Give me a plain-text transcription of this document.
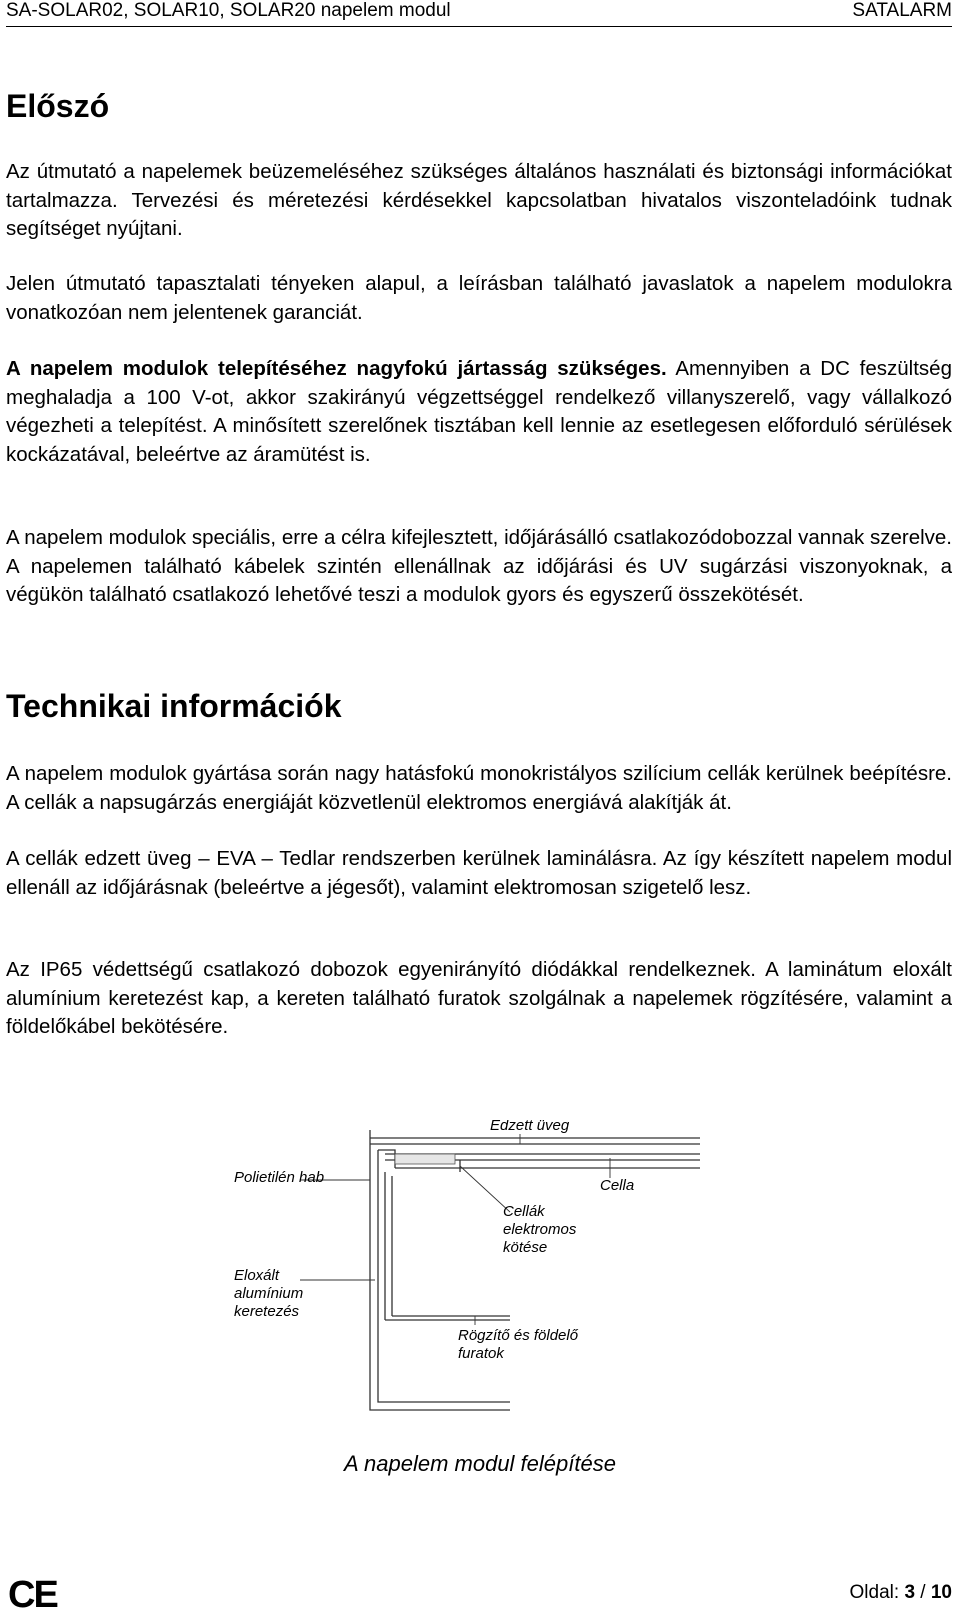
SA-SOLAR02, SOLAR10, SOLAR20 napelem modul	SATALARM
Előszó

Az útmutató a napelemek beüzemeléséhez szükséges általános használati és biztonsági információkat tartalmazza. Tervezési és méretezési kérdésekkel kapcsolatban hivatalos viszonteladóink tudnak segítséget nyújtani.

Jelen útmutató tapasztalati tényeken alapul, a leírásban található javaslatok a napelem modulokra vonatkozóan nem jelentenek garanciát.

A napelem modulok telepítéséhez nagyfokú jártasság szükséges. Amennyiben a DC feszültség meghaladja a 100 V-ot, akkor szakirányú végzettséggel rendelkező villanyszerelő, vagy vállalkozó végezheti a telepítést. A minősített szerelőnek tisztában kell lennie az esetlegesen előforduló sérülések kockázatával, beleértve az áramütést is.

A napelem modulok speciális, erre a célra kifejlesztett, időjárásálló csatlakozódobozzal vannak szerelve. A napelemen található kábelek szintén ellenállnak az időjárási és UV sugárzási viszonyoknak, a végükön található csatlakozó lehetővé teszi a modulok gyors és egyszerű összekötését.

Technikai információk

A napelem modulok gyártása során nagy hatásfokú monokristályos szilícium cellák kerülnek beépítésre. A cellák a napsugárzás energiáját közvetlenül elektromos energiává alakítják át.

A cellák edzett üveg – EVA – Tedlar rendszerben kerülnek laminálásra. Az így készített napelem modul ellenáll az időjárásnak (beleértve a jégesőt), valamint elektromosan szigetelő lesz.

Az IP65 védettségű csatlakozó dobozok egyenirányító diódákkal rendelkeznek. A laminátum eloxált alumínium keretezést kap, a kereten található furatok szolgálnak a napelemek rögzítésére, valamint a földelőkábel bekötésére.

Edzett üveg
Polietilén hab	Cella
Cellák
elektromos
kötése
Eloxált
alumínium
keretezés
Rögzítő és földelő
furatok
A napelem modul felépítése
CE	Oldal: 3 / 10
